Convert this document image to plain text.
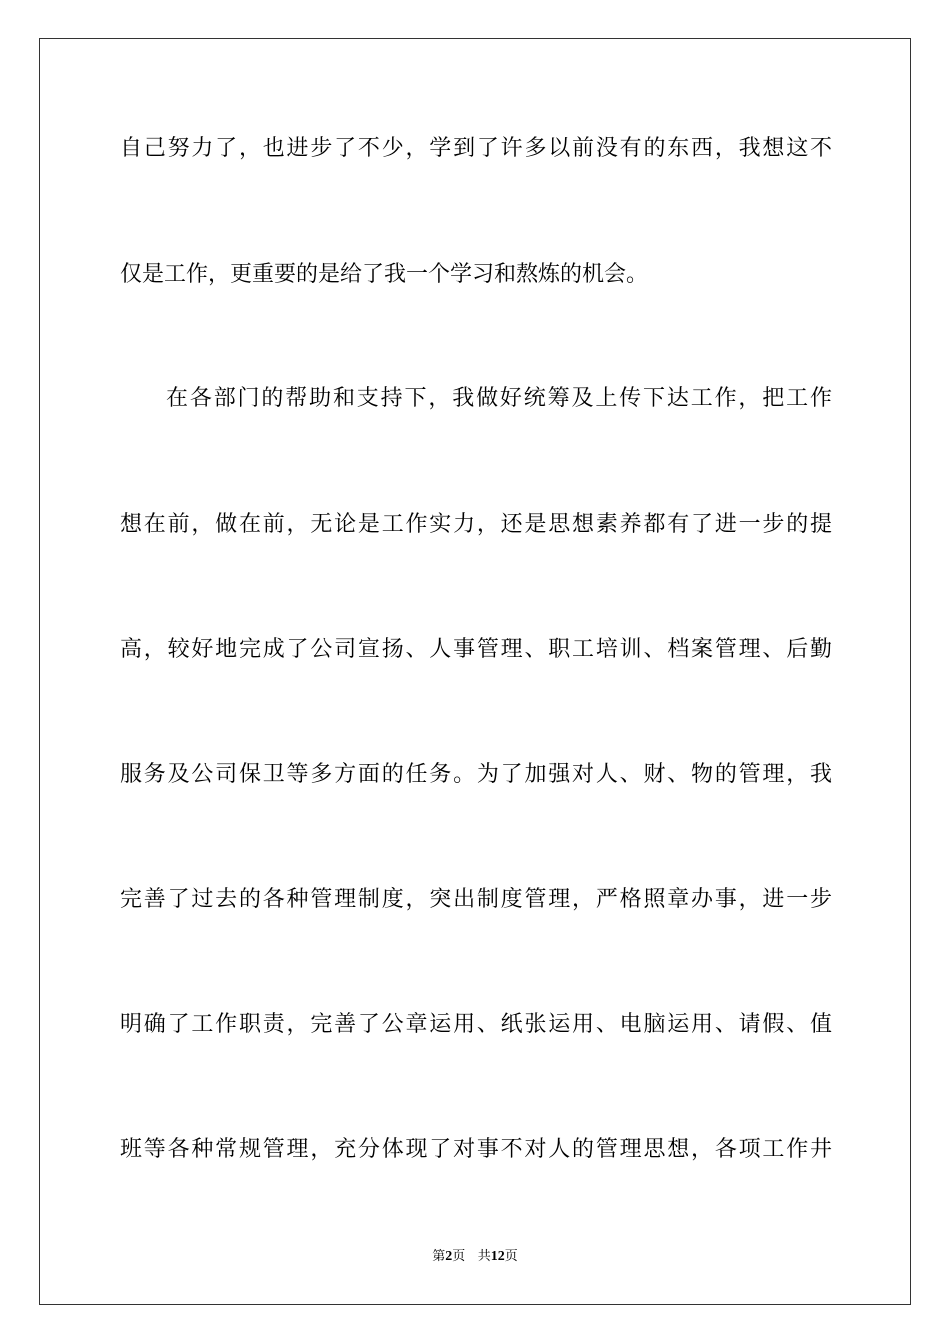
自己努力了，也进步了不少，学到了许多以前没有的东西，我想这不
仅是工作，更重要的是给了我一个学习和熬炼的机会。
在各部门的帮助和支持下，我做好统筹及上传下达工作，把工作
想在前，做在前，无论是工作实力，还是思想素养都有了进一步的提
高，较好地完成了公司宣扬、人事管理、职工培训、档案管理、后勤
服务及公司保卫等多方面的任务。为了加强对人、财、物的管理，我
完善了过去的各种管理制度，突出制度管理，严格照章办事，进一步
明确了工作职责，完善了公章运用、纸张运用、电脑运用、请假、值
班等各种常规管理，充分体现了对事不对人的管理思想，各项工作井
第2页 共12页
